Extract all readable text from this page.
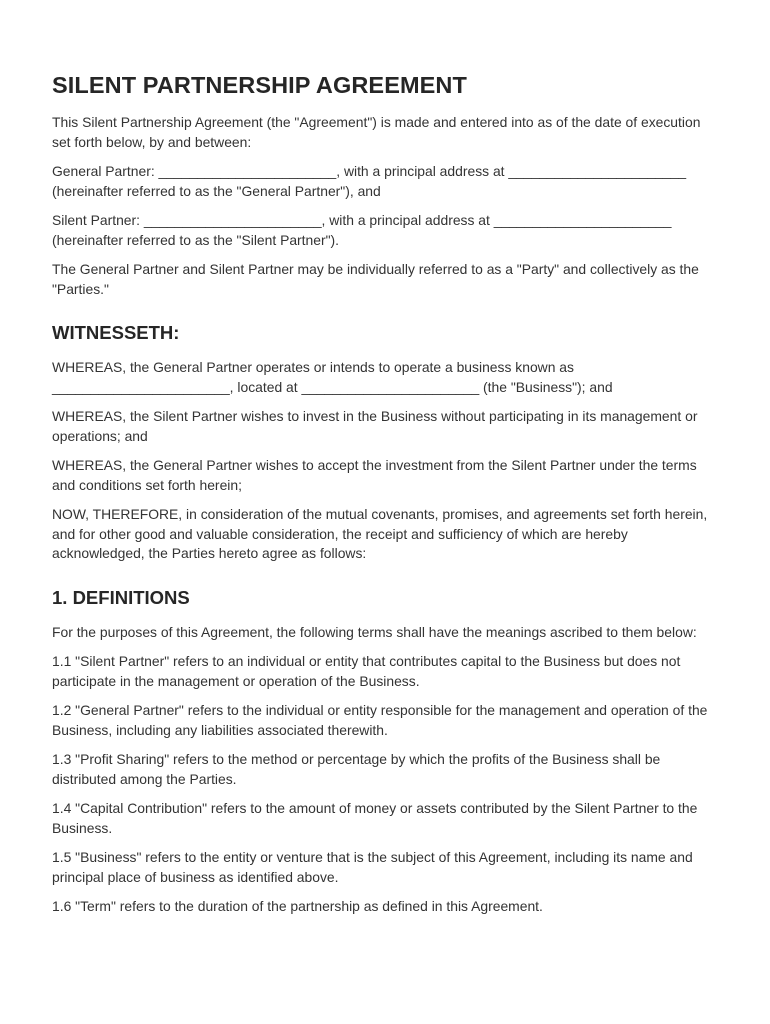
SILENT PARTNERSHIP AGREEMENT

This Silent Partnership Agreement (the "Agreement") is made and entered into as of the date of execution set forth below, by and between:

General Partner: _______________________, with a principal address at _______________________ (hereinafter referred to as the "General Partner"), and

Silent Partner: _______________________, with a principal address at _______________________ (hereinafter referred to as the "Silent Partner").

The General Partner and Silent Partner may be individually referred to as a "Party" and collectively as the "Parties."

WITNESSETH:

WHEREAS, the General Partner operates or intends to operate a business known as _______________________, located at _______________________ (the "Business"); and

WHEREAS, the Silent Partner wishes to invest in the Business without participating in its management or operations; and

WHEREAS, the General Partner wishes to accept the investment from the Silent Partner under the terms and conditions set forth herein;

NOW, THEREFORE, in consideration of the mutual covenants, promises, and agreements set forth herein, and for other good and valuable consideration, the receipt and sufficiency of which are hereby acknowledged, the Parties hereto agree as follows:

1. DEFINITIONS

For the purposes of this Agreement, the following terms shall have the meanings ascribed to them below:

1.1 "Silent Partner" refers to an individual or entity that contributes capital to the Business but does not participate in the management or operation of the Business.

1.2 "General Partner" refers to the individual or entity responsible for the management and operation of the Business, including any liabilities associated therewith.

1.3 "Profit Sharing" refers to the method or percentage by which the profits of the Business shall be distributed among the Parties.

1.4 "Capital Contribution" refers to the amount of money or assets contributed by the Silent Partner to the Business.

1.5 "Business" refers to the entity or venture that is the subject of this Agreement, including its name and principal place of business as identified above.

1.6 "Term" refers to the duration of the partnership as defined in this Agreement.
